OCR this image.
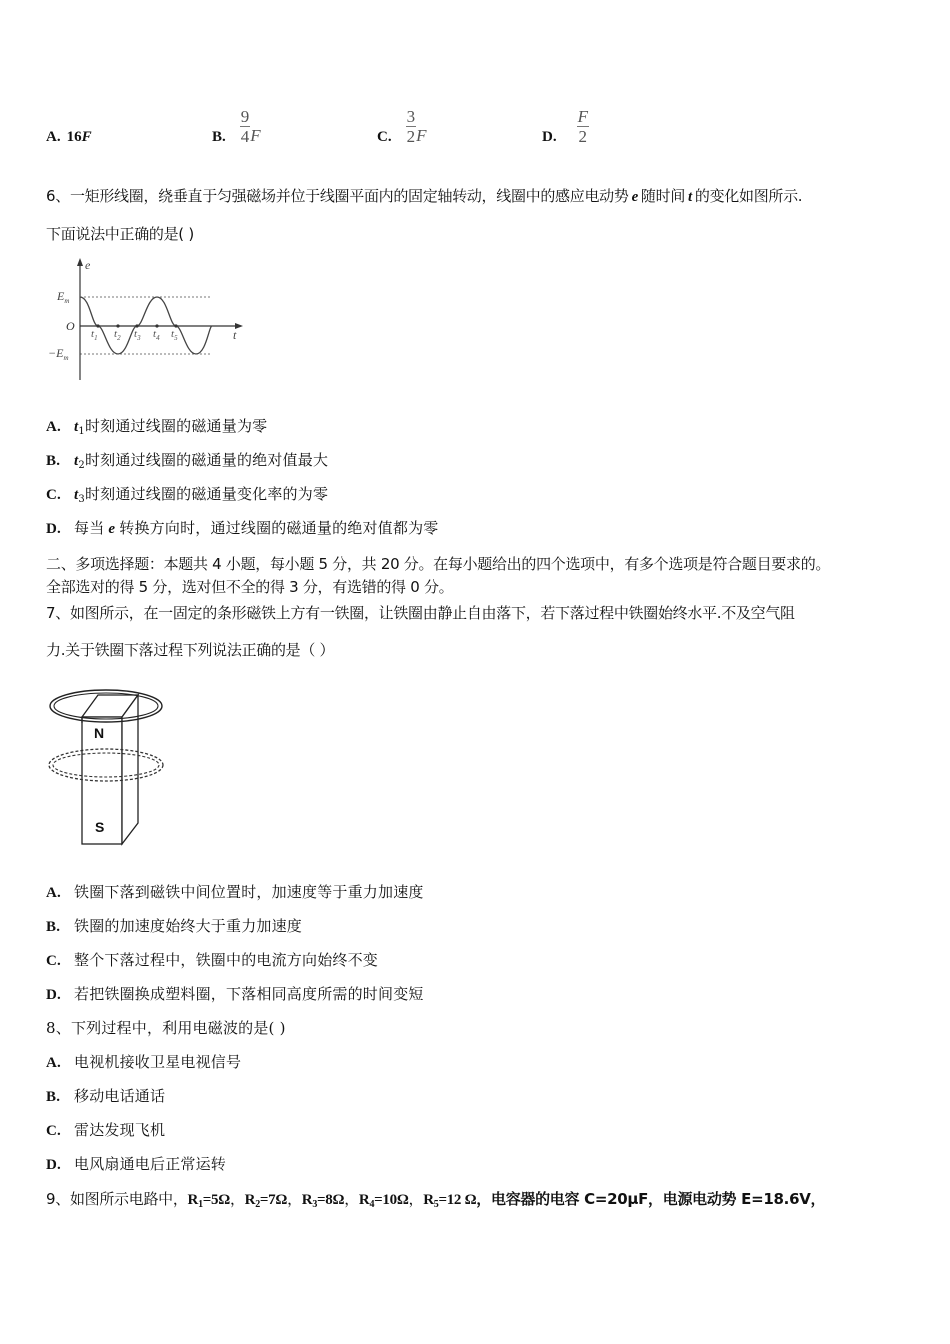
A. 16 F	B. $\frac{9}{4}$ F	C. $\frac{3}{2}$ F	D. $\frac{F}{2}$
6、一矩形线圈，绕垂直于匀强磁场并位于线圈平面内的固定轴转动，线圈中的感应电动势 e 随时间 t 的变化如图所示.
下面说法中正确的是( )
e
t
O
$E_m$
$-E_m$
$t_1$ $t_2$ $t_3$ $t_4$ $t_5$
A. $t_1$时刻通过线圈的磁通量为零
B. $t_2$时刻通过线圈的磁通量的绝对值最大
C. $t_3$时刻通过线圈的磁通量变化率的为零
D. 每当 e 转换方向时，通过线圈的磁通量的绝对值都为零
二、多项选择题：本题共 4 小题，每小题 5 分，共 20 分。在每小题给出的四个选项中，有多个选项是符合题目要求的。
全部选对的得 5 分，选对但不全的得 3 分，有选错的得 0 分。
7、如图所示，在一固定的条形磁铁上方有一铁圈，让铁圈由静止自由落下，若下落过程中铁圈始终水平.不及空气阻
力.关于铁圈下落过程下列说法正确的是（ ）
N
S
A. 铁圈下落到磁铁中间位置时，加速度等于重力加速度
B. 铁圈的加速度始终大于重力加速度
C. 整个下落过程中，铁圈中的电流方向始终不变
D. 若把铁圈换成塑料圈，下落相同高度所需的时间变短
8、下列过程中，利用电磁波的是( )
A. 电视机接收卫星电视信号
B. 移动电话通话
C. 雷达发现飞机
D. 电风扇通电后正常运转
9、如图所示电路中，$R_1=5\Omega$，$R_2=7\Omega$，$R_3=8\Omega$，$R_4=10\Omega$，$R_5=12$ Ω，电容器的电容 C=20μF，电源电动势 E=18.6V，
